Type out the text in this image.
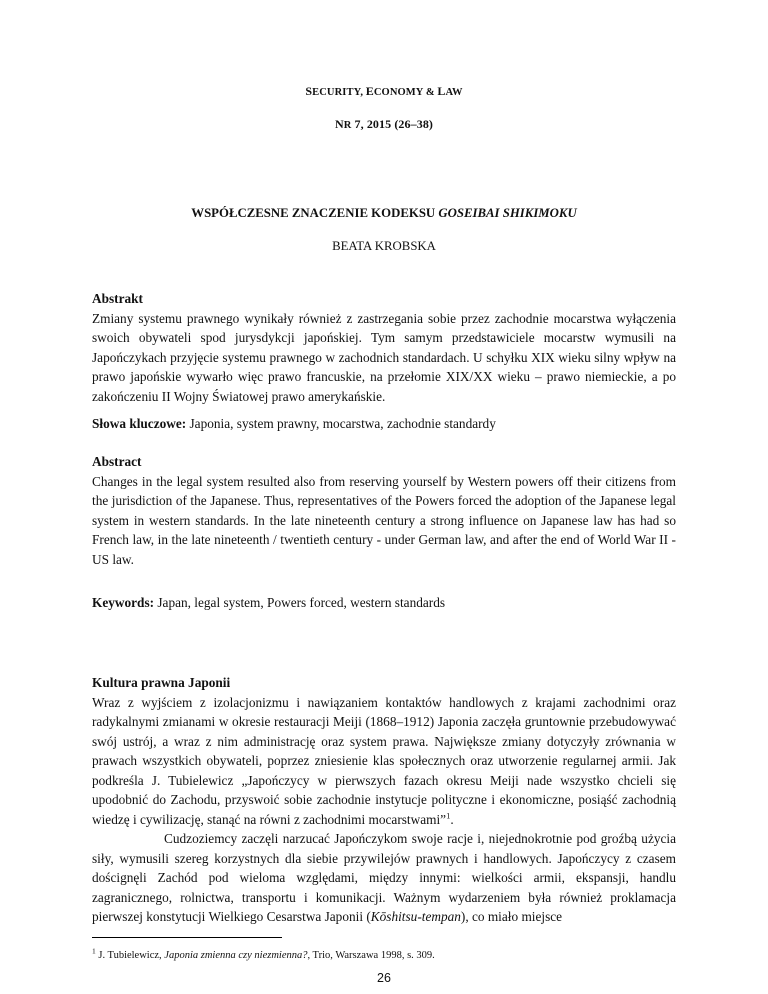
SECURITY, ECONOMY & LAW
NR 7, 2015 (26–38)
WSPÓŁCZESNE ZNACZENIE KODEKSU GOSEIBAI SHIKIMOKU
BEATA KROBSKA

Abstrakt

Zmiany systemu prawnego wynikały również z zastrzegania sobie przez zachodnie mocarstwa wyłączenia swoich obywateli spod jurysdykcji japońskiej. Tym samym przedstawiciele mocarstw wymusili na Japończykach przyjęcie systemu prawnego w zachodnich standardach. U schyłku XIX wieku silny wpływ na prawo japońskie wywarło więc prawo francuskie, na przełomie XIX/XX wieku – prawo niemieckie, a po zakończeniu II Wojny Światowej prawo amerykańskie.

Słowa kluczowe: Japonia, system prawny, mocarstwa, zachodnie standardy

Abstract

Changes in the legal system resulted also from reserving yourself by Western powers off their citizens from the jurisdiction of the Japanese. Thus, representatives of the Powers forced the adoption of the Japanese legal system in western standards. In the late nineteenth century a strong influence on Japanese law has had so French law, in the late nineteenth / twentieth century - under German law, and after the end of World War II - US law.

Keywords: Japan, legal system, Powers forced, western standards

Kultura prawna Japonii

Wraz z wyjściem z izolacjonizmu i nawiązaniem kontaktów handlowych z krajami zachodnimi oraz radykalnymi zmianami w okresie restauracji Meiji (1868–1912) Japonia zaczęła gruntownie przebudowywać swój ustrój, a wraz z nim administrację oraz system prawa. Największe zmiany dotyczyły zrównania w prawach wszystkich obywateli, poprzez zniesienie klas społecznych oraz utworzenie regularnej armii. Jak podkreśla J. Tubielewicz „Japończycy w pierwszych fazach okresu Meiji nade wszystko chcieli się upodobnić do Zachodu, przyswoić sobie zachodnie instytucje polityczne i ekonomiczne, posiąść zachodnią wiedzę i cywilizację, stanąć na równi z zachodnimi mocarstwami”$^1$.

Cudzoziemcy zaczęli narzucać Japończykom swoje racje i, niejednokrotnie pod groźbą użycia siły, wymusili szereg korzystnych dla siebie przywilejów prawnych i handlowych. Japończycy z czasem doścignęli Zachód pod wieloma względami, między innymi: wielkości armii, ekspansji, handlu zagranicznego, rolnictwa, transportu i komunikacji. Ważnym wydarzeniem była również proklamacja pierwszej konstytucji Wielkiego Cesarstwa Japonii (Kōshitsu-tempan), co miało miejsce

$^1$ J. Tubielewicz, Japonia zmienna czy niezmienna?, Trio, Warszawa 1998, s. 309.
26
